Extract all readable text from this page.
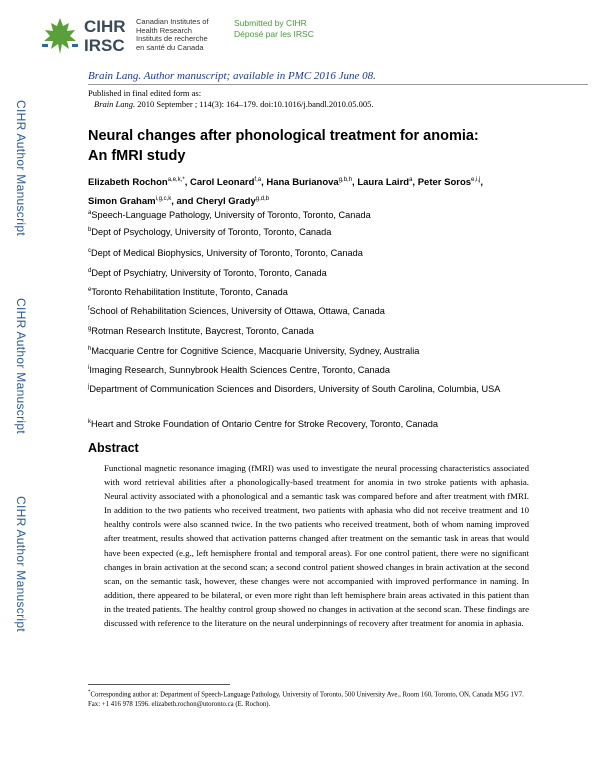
CIHR
IRSC
Canadian Institutes of
Health Research
Instituts de recherche
en santé du Canada
Submitted by CIHR
Déposé par les IRSC
Brain Lang. Author manuscript; available in PMC 2016 June 08.
Published in final edited form as:
Brain Lang. 2010 September ; 114(3): 164–179. doi:10.1016/j.bandl.2010.05.005.
CIHR Author Manuscript
CIHR Author Manuscript
CIHR Author Manuscript
Neural changes after phonological treatment for anomia: An fMRI study
Elizabeth Rochon$^{a,e,k,*}$, Carol Leonard$^{f,a}$, Hana Burianova$^{g,b,h}$, Laura Laird$^a$, Peter Soros$^{e,i,j}$,
Simon Graham$^{i,g,c,k}$, and Cheryl Grady$^{g,d,b}$
$^a$Speech-Language Pathology, University of Toronto, Toronto, Canada
$^b$Dept of Psychology, University of Toronto, Toronto, Canada
$^c$Dept of Medical Biophysics, University of Toronto, Toronto, Canada
$^d$Dept of Psychiatry, University of Toronto, Toronto, Canada
$^e$Toronto Rehabilitation Institute, Toronto, Canada
$^f$School of Rehabilitation Sciences, University of Ottawa, Ottawa, Canada
$^g$Rotman Research Institute, Baycrest, Toronto, Canada
$^h$Macquarie Centre for Cognitive Science, Macquarie University, Sydney, Australia
$^i$Imaging Research, Sunnybrook Health Sciences Centre, Toronto, Canada
$^j$Department of Communication Sciences and Disorders, University of South Carolina, Columbia, USA
$^k$Heart and Stroke Foundation of Ontario Centre for Stroke Recovery, Toronto, Canada
Abstract
Functional magnetic resonance imaging (fMRI) was used to investigate the neural processing characteristics associated with word retrieval abilities after a phonologically-based treatment for anomia in two stroke patients with aphasia. Neural activity associated with a phonological and a semantic task was compared before and after treatment with fMRI. In addition to the two patients who received treatment, two patients with aphasia who did not receive treatment and 10 healthy controls were also scanned twice. In the two patients who received treatment, both of whom naming improved after treatment, results showed that activation patterns changed after treatment on the semantic task in areas that would have been expected (e.g., left hemisphere frontal and temporal areas). For one control patient, there were no significant changes in brain activation at the second scan; a second control patient showed changes in brain activation at the second scan, on the semantic task, however, these changes were not accompanied with improved performance in naming. In addition, there appeared to be bilateral, or even more right than left hemisphere brain areas activated in this patient than in the treated patients. The healthy control group showed no changes in activation at the second scan. These findings are discussed with reference to the literature on the neural underpinnings of recovery after treatment for anomia in aphasia.
*Corresponding author at: Department of Speech-Language Pathology, University of Toronto, 500 University Ave., Room 160, Toronto, ON, Canada M5G 1V7. Fax: +1 416 978 1596. elizabeth.rochon@utoronto.ca (E. Rochon).
